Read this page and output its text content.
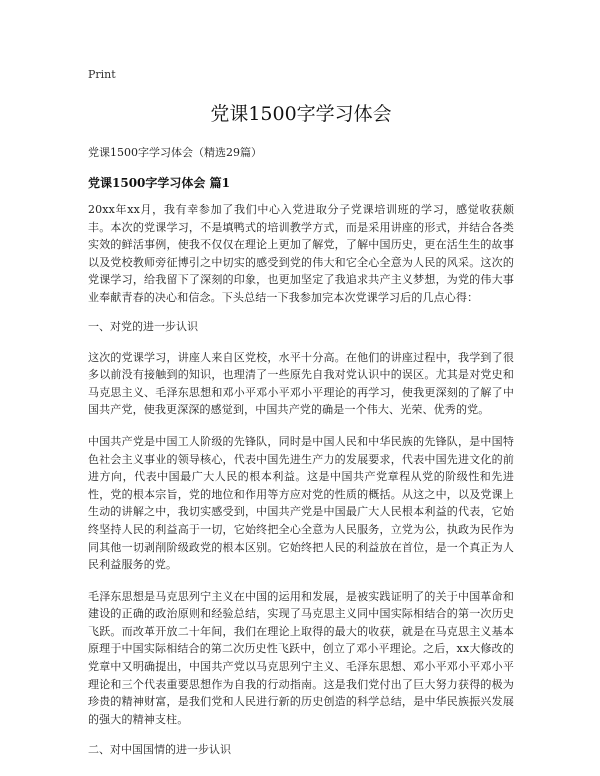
Print
党课1500字学习体会
党课1500字学习体会（精选29篇）
党课1500字学习体会 篇1

20xx年xx月，我有幸参加了我们中心入党进取分子党课培训班的学习，感觉收获颇丰。本次的党课学习，不是填鸭式的培训教学方式，而是采用讲座的形式，并结合各类实效的鲜活事例，使我不仅仅在理论上更加了解党，了解中国历史，更在活生生的故事以及党校教师旁征博引之中切实的感受到党的伟大和它全心全意为人民的风采。这次的党课学习，给我留下了深刻的印象，也更加坚定了我追求共产主义梦想，为党的伟大事业奉献青春的决心和信念。下头总结一下我参加完本次党课学习后的几点心得：

一、对党的进一步认识

这次的党课学习，讲座人来自区党校，水平十分高。在他们的讲座过程中，我学到了很多以前没有接触到的知识，也理清了一些原先自我对党认识中的误区。尤其是对党史和马克思主义、毛泽东思想和邓小平邓小平邓小平理论的再学习，使我更深刻的了解了中国共产党，使我更深深的感觉到，中国共产党的确是一个伟大、光荣、优秀的党。

中国共产党是中国工人阶级的先锋队，同时是中国人民和中华民族的先锋队，是中国特色社会主义事业的领导核心，代表中国先进生产力的发展要求，代表中国先进文化的前进方向，代表中国最广大人民的根本利益。这是中国共产党章程从党的阶级性和先进性，党的根本宗旨，党的地位和作用等方应对党的性质的概括。从这之中，以及党课上生动的讲解之中，我切实感受到，中国共产党是中国最广大人民根本利益的代表，它始终坚持人民的利益高于一切，它始终把全心全意为人民服务，立党为公，执政为民作为同其他一切剥削阶级政党的根本区别。它始终把人民的利益放在首位，是一个真正为人民利益服务的党。

毛泽东思想是马克思列宁主义在中国的运用和发展，是被实践证明了的关于中国革命和建设的正确的政治原则和经验总结，实现了马克思主义同中国实际相结合的第一次历史飞跃。而改革开放二十年间，我们在理论上取得的最大的收获，就是在马克思主义基本原理于中国实际相结合的第二次历史性飞跃中，创立了邓小平理论。之后，xx大修改的党章中又明确提出，中国共产党以马克思列宁主义、毛泽东思想、邓小平邓小平邓小平理论和三个代表重要思想作为自我的行动指南。这是我们党付出了巨大努力获得的极为珍贵的精神财富，是我们党和人民进行新的历史创造的科学总结，是中华民族振兴发展的强大的精神支柱。

二、对中国国情的进一步认识
